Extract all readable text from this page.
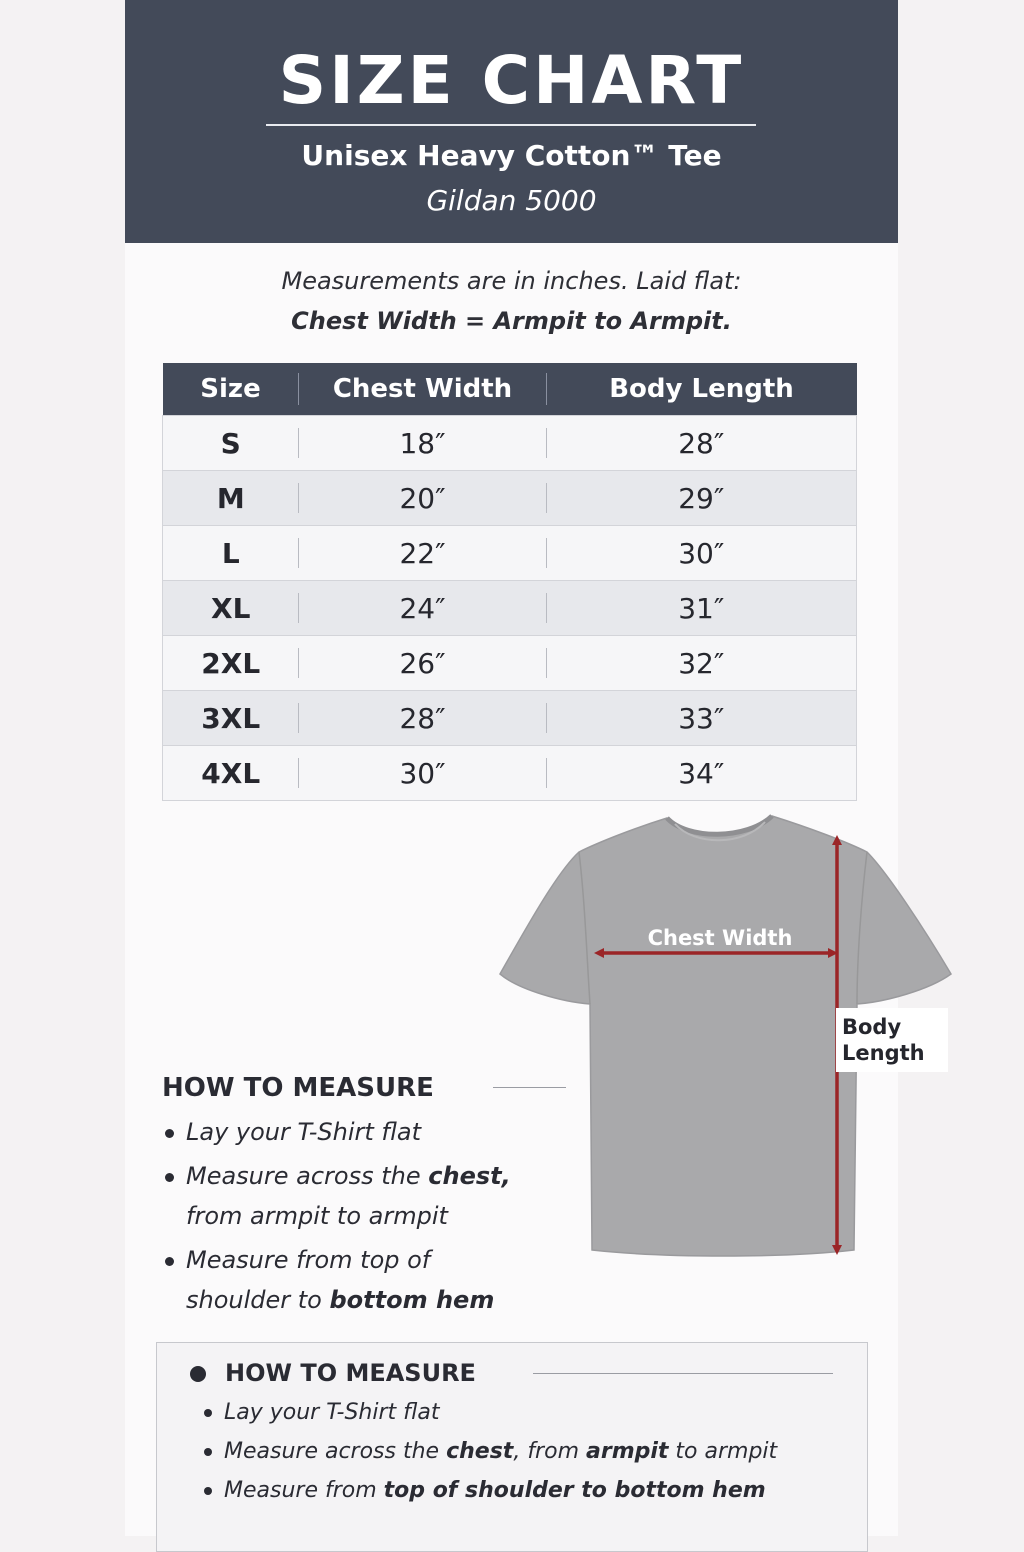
SIZE CHART
Unisex Heavy Cotton™ Tee
Gildan 5000
Measurements are in inches. Laid flat:
Chest Width = Armpit to Armpit.
Size	Chest Width	Body Length
S	18″	28″
M	20″	29″
L	22″	30″
XL	24″	31″
2XL	26″	32″
3XL	28″	33″
4XL	30″	34″
Chest Width
Body
Length
HOW TO MEASURE
Lay your T-Shirt flat
Measure across the chest,
from armpit to armpit
Measure from top of
shoulder to bottom hem
HOW TO MEASURE
Lay your T-Shirt flat
Measure across the chest, from armpit to armpit
Measure from top of shoulder to bottom hem
